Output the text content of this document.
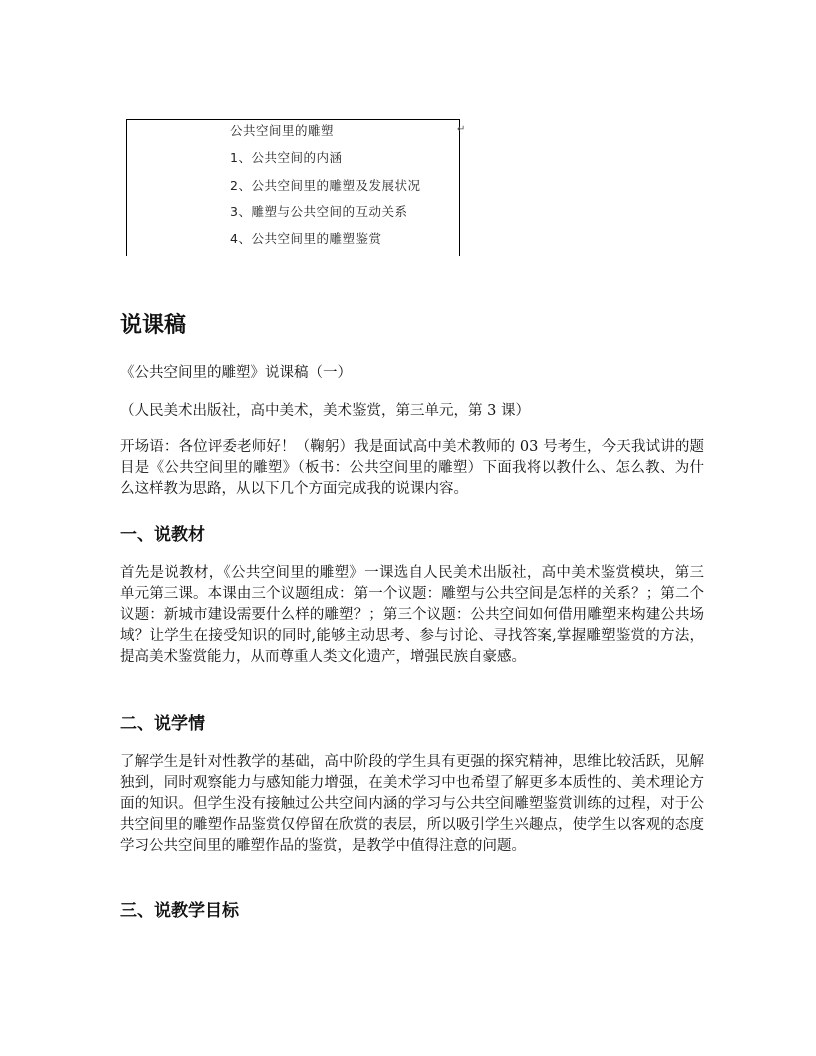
公共空间里的雕塑	↵
1、公共空间的内涵
2、公共空间里的雕塑及发展状况
3、雕塑与公共空间的互动关系
4、公共空间里的雕塑鉴赏
说课稿

《公共空间里的雕塑》说课稿（一）

（人民美术出版社，高中美术，美术鉴赏，第三单元，第 3 课）

开场语：各位评委老师好！（鞠躬）我是面试高中美术教师的 03 号考生，今天我试讲的题目是《公共空间里的雕塑》（板书：公共空间里的雕塑）下面我将以教什么、怎么教、为什么这样教为思路，从以下几个方面完成我的说课内容。

一、说教材

首先是说教材，《公共空间里的雕塑》一课选自人民美术出版社，高中美术鉴赏模块，第三单元第三课。本课由三个议题组成：第一个议题：雕塑与公共空间是怎样的关系？；第二个议题：新城市建设需要什么样的雕塑？；第三个议题：公共空间如何借用雕塑来构建公共场域？让学生在接受知识的同时,能够主动思考、参与讨论、寻找答案,掌握雕塑鉴赏的方法，提高美术鉴赏能力，从而尊重人类文化遗产，增强民族自豪感。

二、说学情

了解学生是针对性教学的基础，高中阶段的学生具有更强的探究精神，思维比较活跃，见解独到，同时观察能力与感知能力增强，在美术学习中也希望了解更多本质性的、美术理论方面的知识。但学生没有接触过公共空间内涵的学习与公共空间雕塑鉴赏训练的过程，对于公共空间里的雕塑作品鉴赏仅停留在欣赏的表层，所以吸引学生兴趣点，使学生以客观的态度学习公共空间里的雕塑作品的鉴赏，是教学中值得注意的问题。

三、说教学目标
